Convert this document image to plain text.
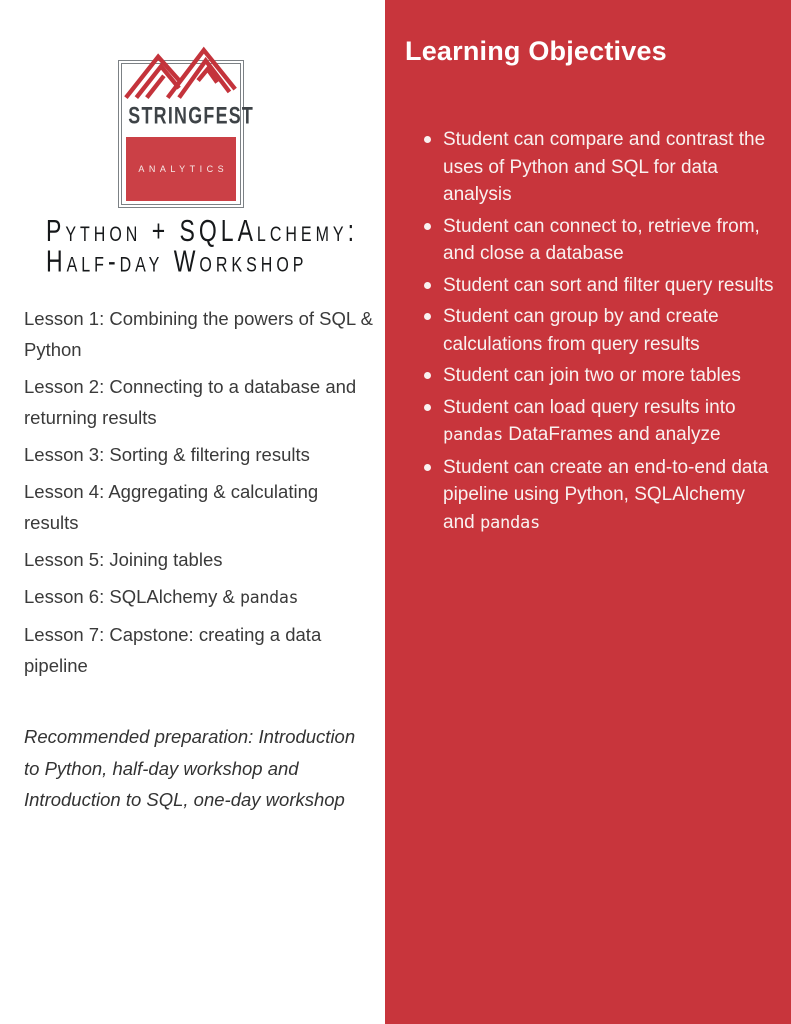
STRINGFEST
ANALYTICS
Python + SQLAlchemy:
Half-day Workshop

Lesson 1: Combining the powers of SQL & Python

Lesson 2: Connecting to a database and returning results

Lesson 3: Sorting & filtering results

Lesson 4: Aggregating & calculating results

Lesson 5: Joining tables

Lesson 6: SQLAlchemy & pandas

Lesson 7: Capstone: creating a data pipeline

Recommended preparation: Introduction to Python, half-day workshop and Introduction to SQL, one-day workshop

Learning Objectives
Student can compare and contrast the uses of Python and SQL for data analysis
Student can connect to, retrieve from, and close a database
Student can sort and filter query results
Student can group by and create calculations from query results
Student can join two or more tables
Student can load query results into pandas DataFrames and analyze
Student can create an end-to-end data pipeline using Python, SQLAlchemy and pandas
